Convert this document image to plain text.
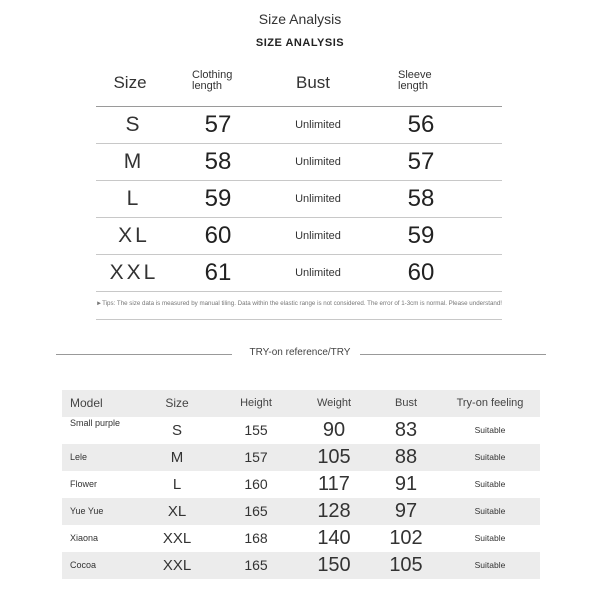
Size Analysis
SIZE ANALYSIS
Size	Clothing length	Bust	Sleeve length
S	57	Unlimited	56
M	58	Unlimited	57
L	59	Unlimited	58
XL	60	Unlimited	59
XXL	61	Unlimited	60
►Tips: The size data is measured by manual tiling. Data within the elastic range is not considered. The error of 1-3cm is normal. Please understand!
TRY-on reference/TRY
Model	Size	Height	Weight	Bust	Try-on feeling
Small purple	S	155	90	83	Suitable
Lele	M	157	105	88	Suitable
Flower	L	160	117	91	Suitable
Yue Yue	XL	165	128	97	Suitable
Xiaona	XXL	168	140	102	Suitable
Cocoa	XXL	165	150	105	Suitable
